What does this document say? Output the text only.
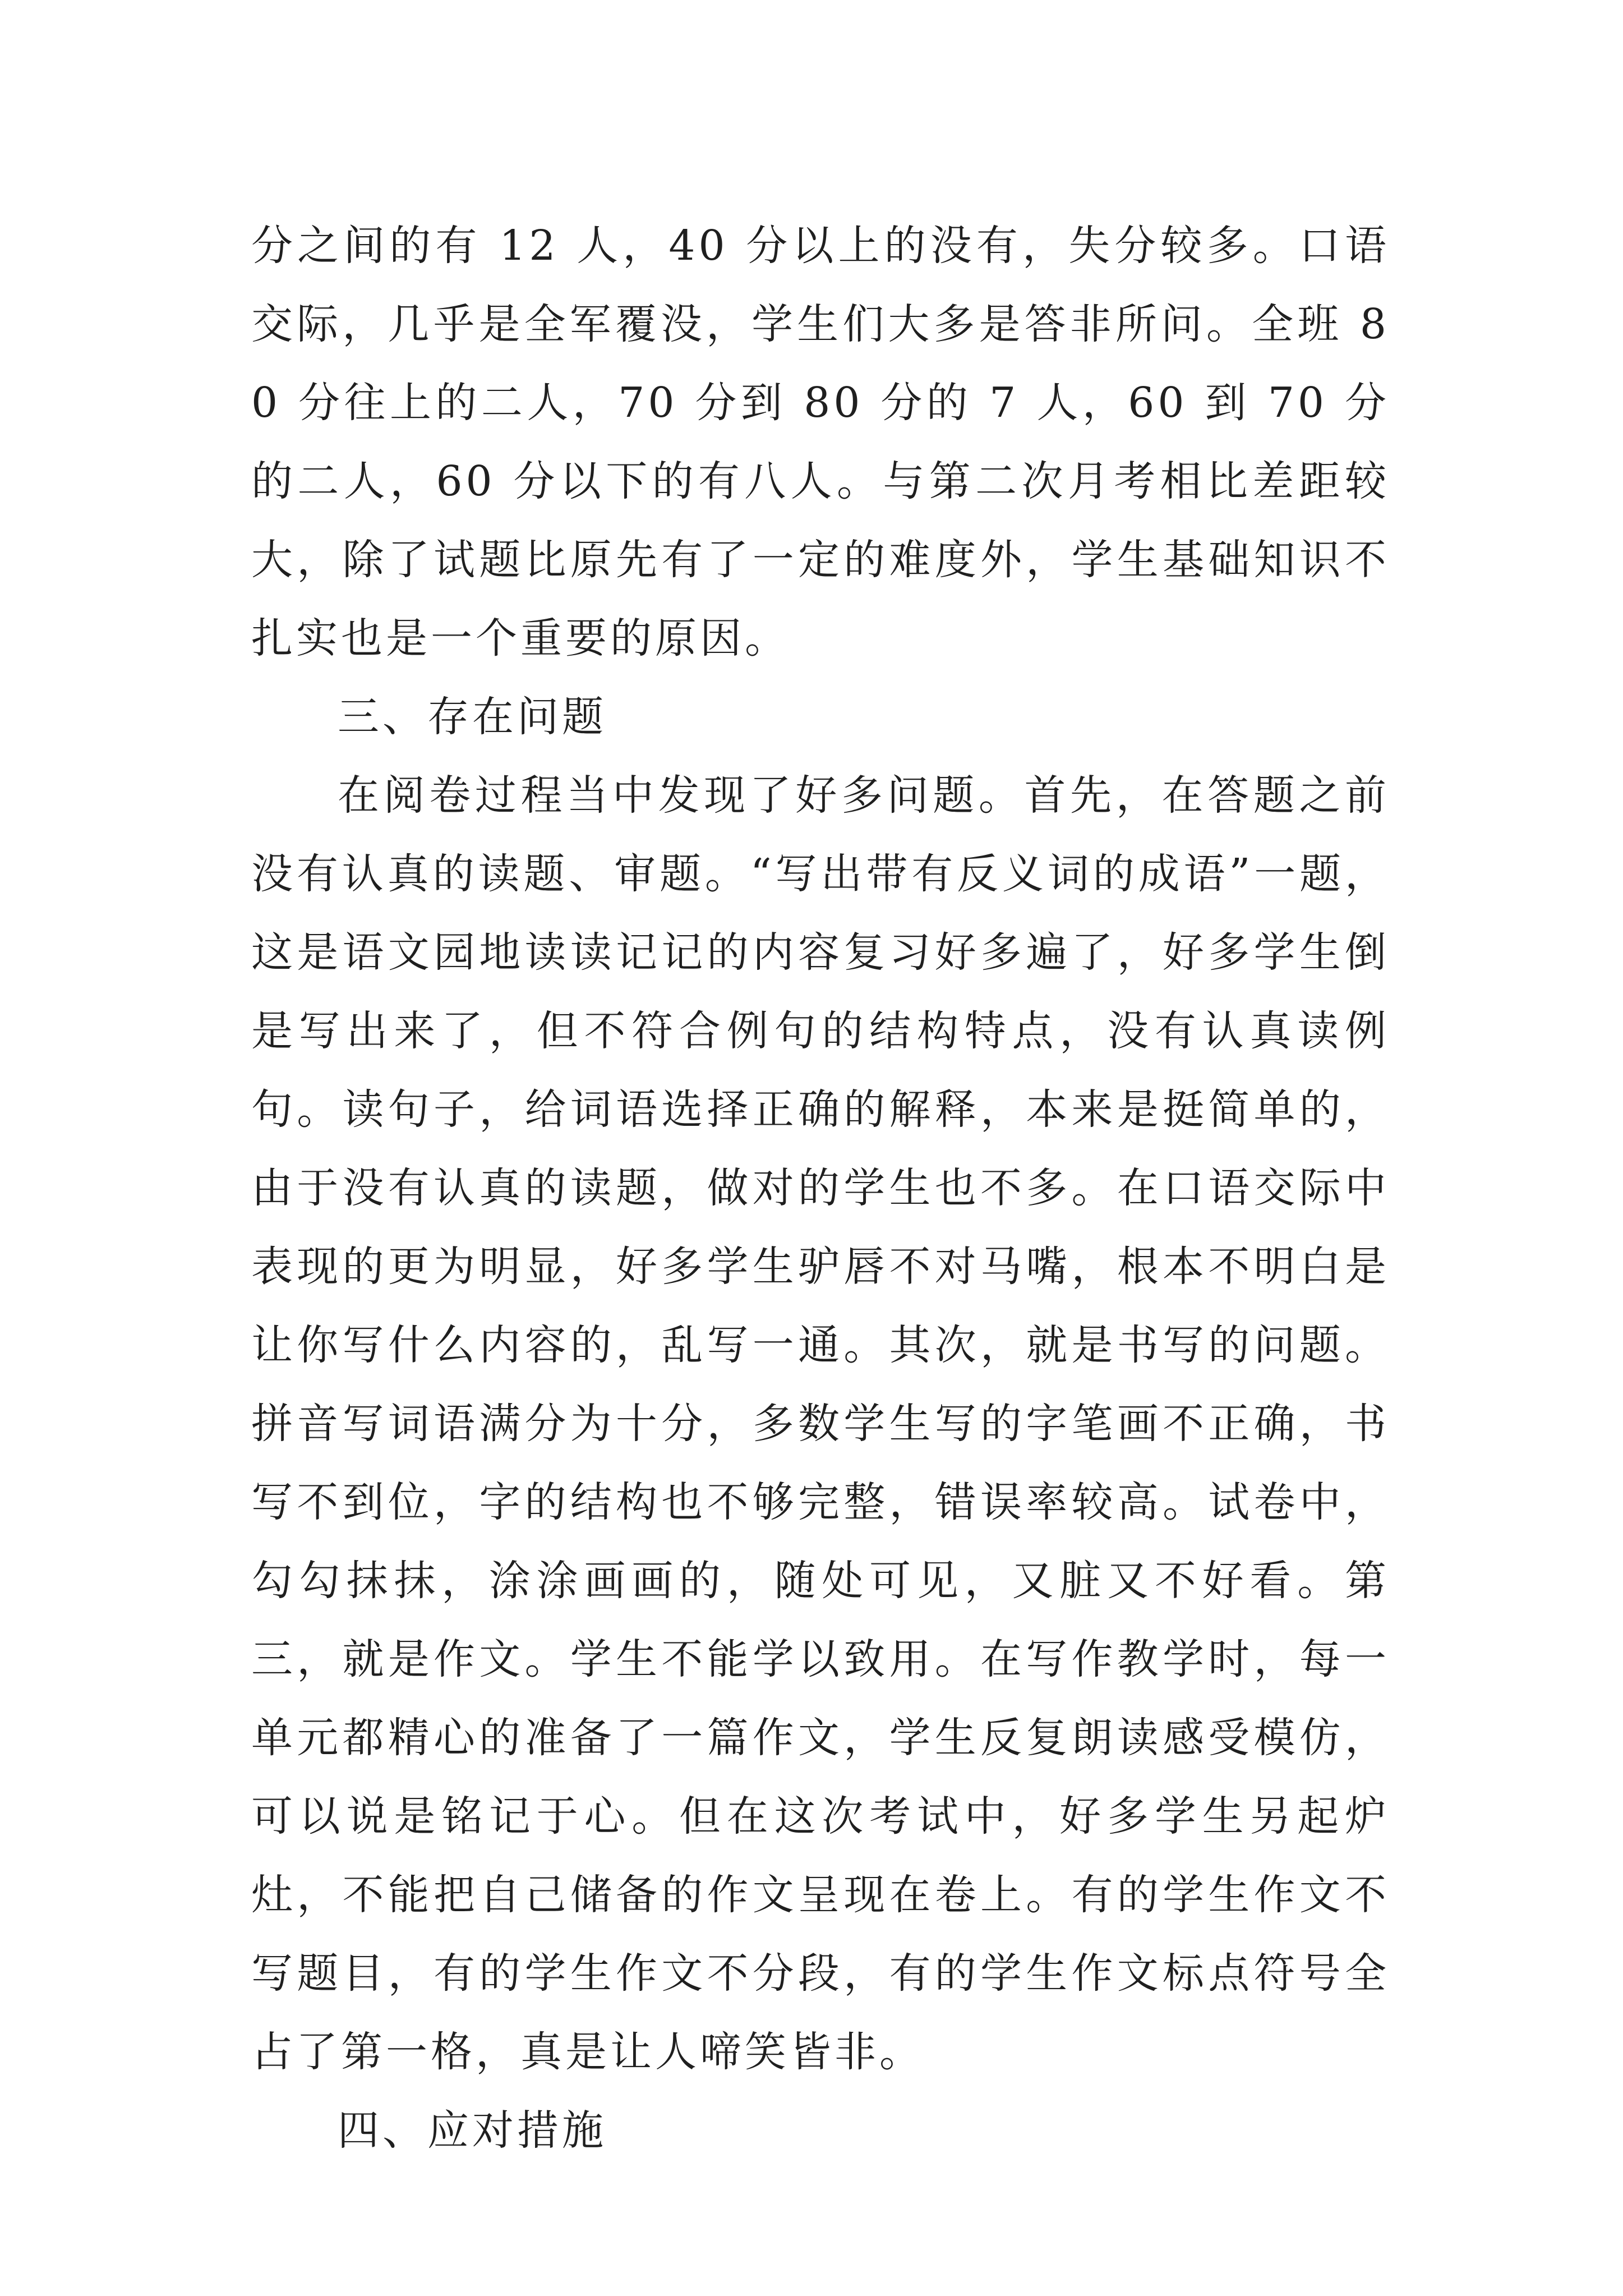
分之间的有 12 人，40 分以上的没有，失分较多。口语交际，几乎是全军覆没，学生们大多是答非所问。全班 80 分往上的二人，70 分到 80 分的 7 人，60 到 70 分的二人，60 分以下的有八人。与第二次月考相比差距较大，除了试题比原先有了一定的难度外，学生基础知识不扎实也是一个重要的原因。

三、存在问题

在阅卷过程当中发现了好多问题。首先，在答题之前没有认真的读题、审题。“写出带有反义词的成语”一题，这是语文园地读读记记的内容复习好多遍了，好多学生倒是写出来了，但不符合例句的结构特点，没有认真读例句。读句子，给词语选择正确的解释，本来是挺简单的，由于没有认真的读题，做对的学生也不多。在口语交际中表现的更为明显，好多学生驴唇不对马嘴，根本不明白是让你写什么内容的，乱写一通。其次，就是书写的问题。拼音写词语满分为十分，多数学生写的字笔画不正确，书写不到位，字的结构也不够完整，错误率较高。试卷中， 勾勾抹抹，涂涂画画的，随处可见，又脏又不好看。第三，就是作文。学生不能学以致用。在写作教学时，每一单元都精心的准备了一篇作文，学生反复朗读感受模仿，可以说是铭记于心。但在这次考试中，好多学生另起炉灶，不能把自己储备的作文呈现在卷上。有的学生作文不写题目，有的学生作文不分段，有的学生作文标点符号全占了第一格，真是让人啼笑皆非。

四、应对措施
